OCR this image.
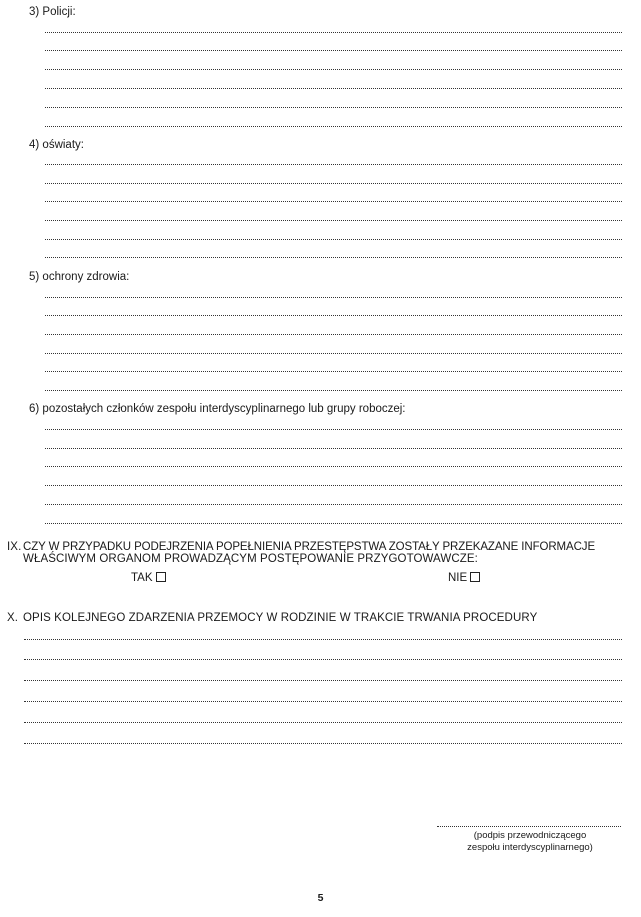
3) Policji:
4) oświaty:
5) ochrony zdrowia:
6) pozostałych członków zespołu interdyscyplinarnego lub grupy roboczej:
IX. CZY W PRZYPADKU PODEJRZENIA POPEŁNIENIA PRZESTĘPSTWA ZOSTAŁY PRZEKAZANE INFORMACJE
WŁAŚCIWYM ORGANOM PROWADZĄCYM POSTĘPOWANIE PRZYGOTOWAWCZE:
TAK	NIE
X. OPIS KOLEJNEGO ZDARZENIA PRZEMOCY W RODZINIE W TRAKCIE TRWANIA PROCEDURY
(podpis przewodniczącego
zespołu interdyscyplinarnego)
5
